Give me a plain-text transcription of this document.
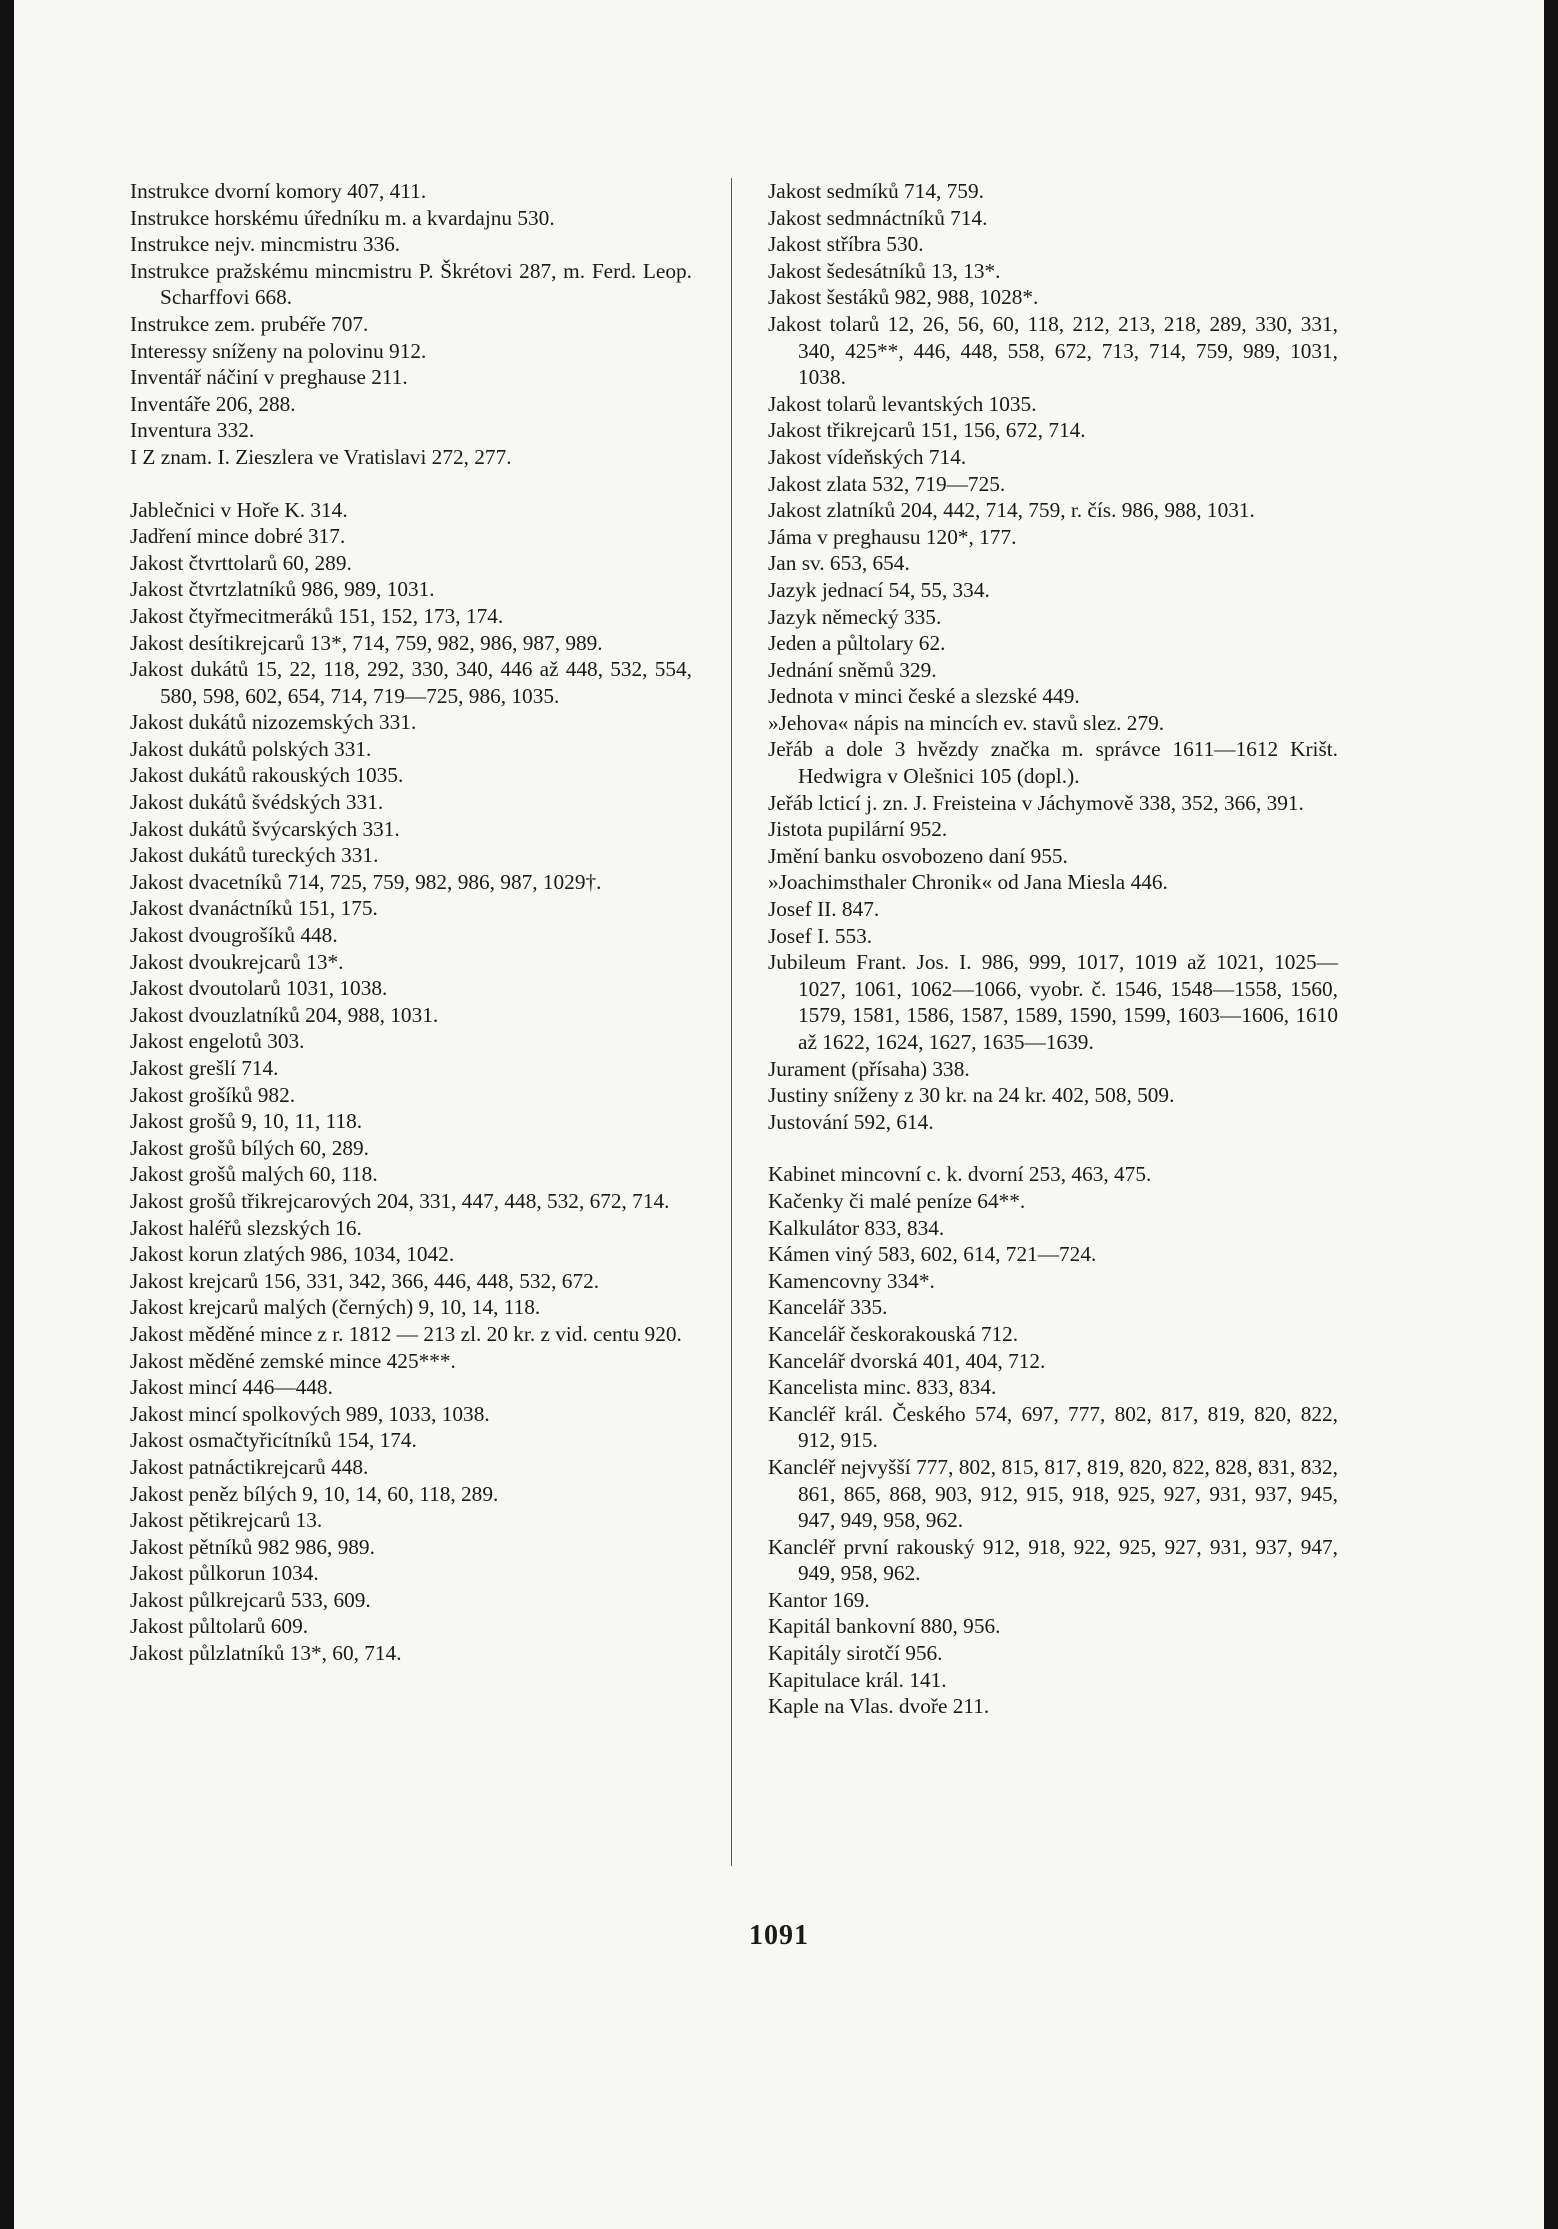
Instrukce dvorní komory 407, 411.

Instrukce horskému úředníku m. a kvardajnu 530.

Instrukce nejv. mincmistru 336.

Instrukce pražskému mincmistru P. Škrétovi 287, m. Ferd. Leop. Scharffovi 668.

Instrukce zem. prubéře 707.

Interessy sníženy na polovinu 912.

Inventář náčiní v preghause 211.

Inventáře 206, 288.

Inventura 332.

I Z znam. I. Zieszlera ve Vratislavi 272, 277.

Jablečnici v Hoře K. 314.

Jadření mince dobré 317.

Jakost čtvrttolarů 60, 289.

Jakost čtvrtzlatníků 986, 989, 1031.

Jakost čtyřmecitmeráků 151, 152, 173, 174.

Jakost desítikrejcarů 13*, 714, 759, 982, 986, 987, 989.

Jakost dukátů 15, 22, 118, 292, 330, 340, 446 až 448, 532, 554, 580, 598, 602, 654, 714, 719—725, 986, 1035.

Jakost dukátů nizozemských 331.

Jakost dukátů polských 331.

Jakost dukátů rakouských 1035.

Jakost dukátů švédských 331.

Jakost dukátů švýcarských 331.

Jakost dukátů tureckých 331.

Jakost dvacetníků 714, 725, 759, 982, 986, 987, 1029†.

Jakost dvanáctníků 151, 175.

Jakost dvougrošíků 448.

Jakost dvoukrejcarů 13*.

Jakost dvoutolarů 1031, 1038.

Jakost dvouzlatníků 204, 988, 1031.

Jakost engelotů 303.

Jakost grešlí 714.

Jakost grošíků 982.

Jakost grošů 9, 10, 11, 118.

Jakost grošů bílých 60, 289.

Jakost grošů malých 60, 118.

Jakost grošů třikrejcarových 204, 331, 447, 448, 532, 672, 714.

Jakost haléřů slezských 16.

Jakost korun zlatých 986, 1034, 1042.

Jakost krejcarů 156, 331, 342, 366, 446, 448, 532, 672.

Jakost krejcarů malých (černých) 9, 10, 14, 118.

Jakost měděné mince z r. 1812 — 213 zl. 20 kr. z vid. centu 920.

Jakost měděné zemské mince 425***.

Jakost mincí 446—448.

Jakost mincí spolkových 989, 1033, 1038.

Jakost osmačtyřicítníků 154, 174.

Jakost patnáctikrejcarů 448.

Jakost peněz bílých 9, 10, 14, 60, 118, 289.

Jakost pětikrejcarů 13.

Jakost pětníků 982 986, 989.

Jakost půlkorun 1034.

Jakost půlkrejcarů 533, 609.

Jakost půltolarů 609.

Jakost půlzlatníků 13*, 60, 714.

Jakost sedmíků 714, 759.

Jakost sedmnáctníků 714.

Jakost stříbra 530.

Jakost šedesátníků 13, 13*.

Jakost šestáků 982, 988, 1028*.

Jakost tolarů 12, 26, 56, 60, 118, 212, 213, 218, 289, 330, 331, 340, 425**, 446, 448, 558, 672, 713, 714, 759, 989, 1031, 1038.

Jakost tolarů levantských 1035.

Jakost třikrejcarů 151, 156, 672, 714.

Jakost vídeňských 714.

Jakost zlata 532, 719—725.

Jakost zlatníků 204, 442, 714, 759, r. čís. 986, 988, 1031.

Jáma v preghausu 120*, 177.

Jan sv. 653, 654.

Jazyk jednací 54, 55, 334.

Jazyk německý 335.

Jeden a půltolary 62.

Jednání sněmů 329.

Jednota v minci české a slezské 449.

»Jehova« nápis na mincích ev. stavů slez. 279.

Jeřáb a dole 3 hvězdy značka m. správce 1611—1612 Krišt. Hedwigra v Olešnici 105 (dopl.).

Jeřáb lcticí j. zn. J. Freisteina v Jáchymově 338, 352, 366, 391.

Jistota pupilární 952.

Jmění banku osvobozeno daní 955.

»Joachimsthaler Chronik« od Jana Miesla 446.

Josef II. 847.

Josef I. 553.

Jubileum Frant. Jos. I. 986, 999, 1017, 1019 až 1021, 1025—1027, 1061, 1062—1066, vyobr. č. 1546, 1548—1558, 1560, 1579, 1581, 1586, 1587, 1589, 1590, 1599, 1603—1606, 1610 až 1622, 1624, 1627, 1635—1639.

Jurament (přísaha) 338.

Justiny sníženy z 30 kr. na 24 kr. 402, 508, 509.

Justování 592, 614.

Kabinet mincovní c. k. dvorní 253, 463, 475.

Kačenky či malé peníze 64**.

Kalkulátor 833, 834.

Kámen viný 583, 602, 614, 721—724.

Kamencovny 334*.

Kancelář 335.

Kancelář českorakouská 712.

Kancelář dvorská 401, 404, 712.

Kancelista minc. 833, 834.

Kancléř král. Českého 574, 697, 777, 802, 817, 819, 820, 822, 912, 915.

Kancléř nejvyšší 777, 802, 815, 817, 819, 820, 822, 828, 831, 832, 861, 865, 868, 903, 912, 915, 918, 925, 927, 931, 937, 945, 947, 949, 958, 962.

Kancléř první rakouský 912, 918, 922, 925, 927, 931, 937, 947, 949, 958, 962.

Kantor 169.

Kapitál bankovní 880, 956.

Kapitály sirotčí 956.

Kapitulace král. 141.

Kaple na Vlas. dvoře 211.

1091
